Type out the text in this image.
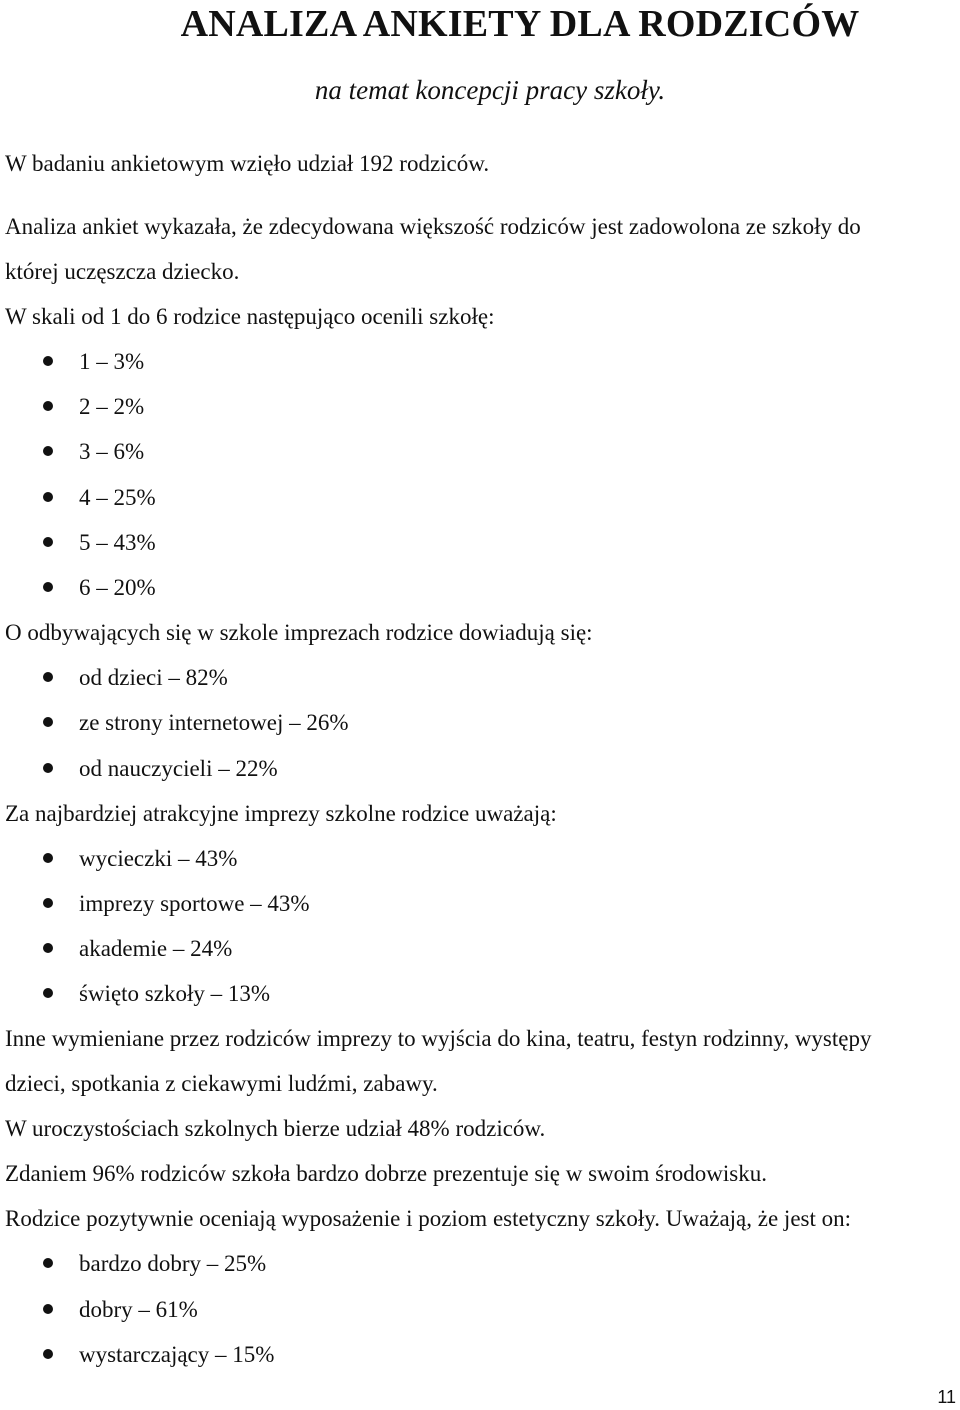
ANALIZA ANKIETY DLA RODZICÓW

na temat koncepcji pracy szkoły.

W badaniu ankietowym wzięło udział 192 rodziców.

Analiza ankiet wykazała, że zdecydowana większość rodziców jest zadowolona ze szkoły do

której uczęszcza dziecko.

W skali od 1 do 6 rodzice następująco ocenili szkołę:

1 – 3%
2 – 2%
3 – 6%
4 – 25%
5 – 43%
6 – 20%

O odbywających się w szkole imprezach rodzice dowiadują się:

od dzieci – 82%
ze strony internetowej – 26%
od nauczycieli – 22%

Za najbardziej atrakcyjne imprezy szkolne rodzice uważają:

wycieczki – 43%
imprezy sportowe – 43%
akademie – 24%
święto szkoły – 13%

Inne wymieniane przez rodziców imprezy to wyjścia do kina, teatru, festyn rodzinny, występy

dzieci, spotkania z ciekawymi ludźmi, zabawy.

W uroczystościach szkolnych bierze udział 48% rodziców.

Zdaniem 96% rodziców szkoła bardzo dobrze prezentuje się w swoim środowisku.

Rodzice pozytywnie oceniają wyposażenie i poziom estetyczny szkoły. Uważają, że jest on:

bardzo dobry – 25%
dobry – 61%
wystarczający – 15%
11
